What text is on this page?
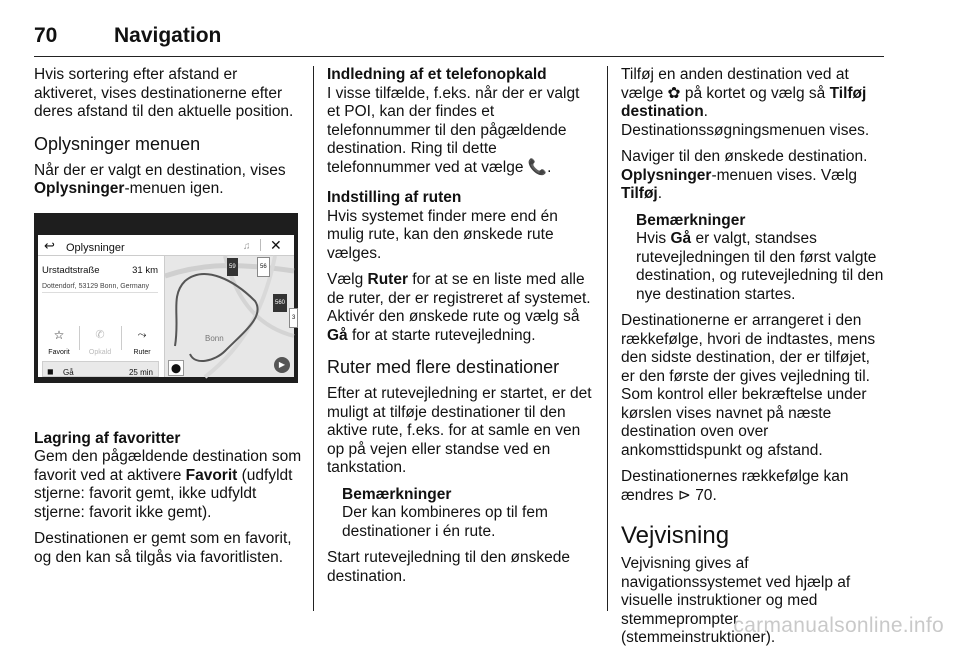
70	Navigation

Hvis sortering efter afstand er aktiveret, vises destinationerne efter deres afstand til den aktuelle position.

Oplysninger menuen

Når der er valgt en destination, vises Oplysninger-menuen igen.

↩ Oplysninger	♫ ✕
Urstadtstraße	31 km
Dottendorf, 53129 Bonn, Germany
☆
Favorit
✆
Opkald
⤳
Ruter
◼ Gå	25 min
59	56
560
3
Bonn
⬤	▶
Lagring af favoritter

Gem den pågældende destination som favorit ved at aktivere Favorit (udfyldt stjerne: favorit gemt, ikke udfyldt stjerne: favorit ikke gemt).

Destinationen er gemt som en favorit, og den kan så tilgås via favoritlisten.

Indledning af et telefonopkald

I visse tilfælde, f.eks. når der er valgt et POI, kan der findes et telefonnummer til den pågældende destination. Ring til dette telefonnummer ved at vælge 📞.

Indstilling af ruten

Hvis systemet finder mere end én mulig rute, kan den ønskede rute vælges.

Vælg Ruter for at se en liste med alle de ruter, der er registreret af systemet. Aktivér den ønskede rute og vælg så Gå for at starte rutevejledning.

Ruter med flere destinationer

Efter at rutevejledning er startet, er det muligt at tilføje destinationer til den aktive rute, f.eks. for at samle en ven op på vejen eller standse ved en tankstation.

Bemærkninger
Der kan kombineres op til fem destinationer i én rute.

Start rutevejledning til den ønskede destination.

Tilføj en anden destination ved at vælge ✿ på kortet og vælg så Tilføj destination. Destinationssøgningsmenuen vises.

Naviger til den ønskede destination. Oplysninger-menuen vises. Vælg Tilføj.

Bemærkninger
Hvis Gå er valgt, standses rutevejledningen til den først valgte destination, og rutevejledning til den nye destination startes.

Destinationerne er arrangeret i den rækkefølge, hvori de indtastes, mens den sidste destination, der er tilføjet, er den første der gives vejledning til. Som kontrol eller bekræftelse under kørslen vises navnet på næste destination oven over ankomsttidspunkt og afstand.

Destinationernes rækkefølge kan ændres ⊳ 70.

Vejvisning

Vejvisning gives af navigationssystemet ved hjælp af visuelle instruktioner og med stemmeprompter (stemmeinstruktioner).

carmanualsonline.info
